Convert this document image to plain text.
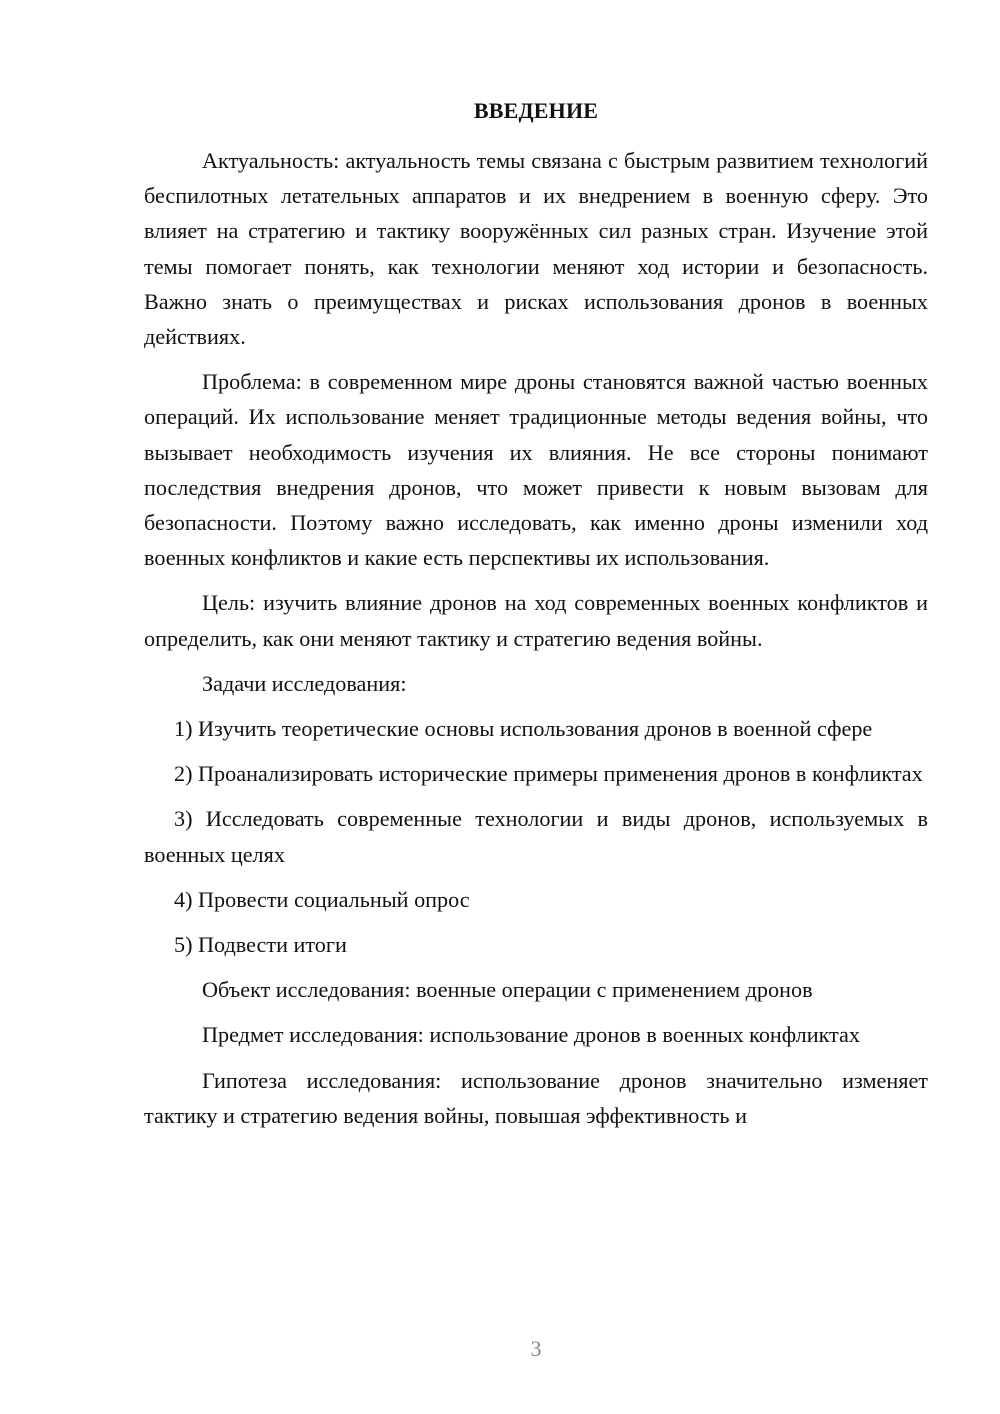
ВВЕДЕНИЕ

Актуальность: актуальность темы связана с быстрым развитием технологий беспилотных летательных аппаратов и их внедрением в военную сферу. Это влияет на стратегию и тактику вооружённых сил разных стран. Изучение этой темы помогает понять, как технологии меняют ход истории и безопасность. Важно знать о преимуществах и рисках использования дронов в военных действиях.

Проблема: в современном мире дроны становятся важной частью военных операций. Их использование меняет традиционные методы ведения войны, что вызывает необходимость изучения их влияния. Не все стороны понимают последствия внедрения дронов, что может привести к новым вызовам для безопасности. Поэтому важно исследовать, как именно дроны изменили ход военных конфликтов и какие есть перспективы их использования.

Цель: изучить влияние дронов на ход современных военных конфликтов и определить, как они меняют тактику и стратегию ведения войны.

Задачи исследования:

1) Изучить теоретические основы использования дронов в военной сфере

2) Проанализировать исторические примеры применения дронов в конфликтах

3) Исследовать современные технологии и виды дронов, используемых в военных целях

4) Провести социальный опрос

5) Подвести итоги

Объект исследования: военные операции с применением дронов

Предмет исследования: использование дронов в военных конфликтах

Гипотеза исследования: использование дронов значительно изменяет тактику и стратегию ведения войны, повышая эффективность и

3
